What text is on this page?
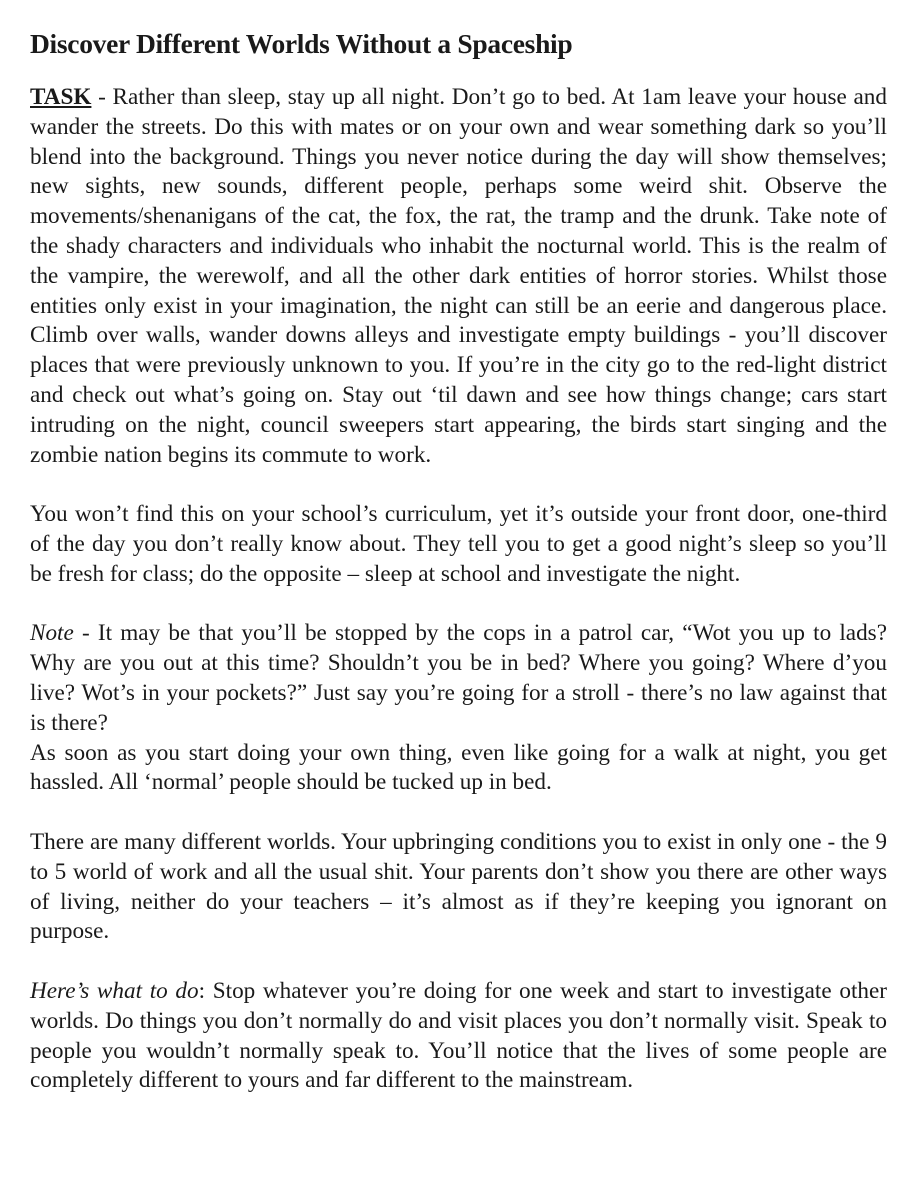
Discover Different Worlds Without a Spaceship

TASK - Rather than sleep, stay up all night. Don’t go to bed. At 1am leave your house and wander the streets. Do this with mates or on your own and wear something dark so you’ll blend into the background. Things you never notice during the day will show themselves; new sights, new sounds, different people, perhaps some weird shit. Observe the movements/shenanigans of the cat, the fox, the rat, the tramp and the drunk. Take note of the shady characters and individuals who inhabit the nocturnal world. This is the realm of the vampire, the werewolf, and all the other dark entities of horror stories. Whilst those entities only exist in your imagination, the night can still be an eerie and dangerous place. Climb over walls, wander downs alleys and investigate empty buildings - you’ll discover places that were previously unknown to you. If you’re in the city go to the red-light district and check out what’s going on. Stay out ‘til dawn and see how things change; cars start intruding on the night, council sweepers start appearing, the birds start singing and the zombie nation begins its commute to work.

You won’t find this on your school’s curriculum, yet it’s outside your front door, one-third of the day you don’t really know about. They tell you to get a good night’s sleep so you’ll be fresh for class; do the opposite – sleep at school and investigate the night.

Note - It may be that you’ll be stopped by the cops in a patrol car, “Wot you up to lads? Why are you out at this time? Shouldn’t you be in bed? Where you going? Where d’you live? Wot’s in your pockets?” Just say you’re going for a stroll - there’s no law against that is there?

As soon as you start doing your own thing, even like going for a walk at night, you get hassled. All ‘normal’ people should be tucked up in bed.

There are many different worlds. Your upbringing conditions you to exist in only one - the 9 to 5 world of work and all the usual shit. Your parents don’t show you there are other ways of living, neither do your teachers – it’s almost as if they’re keeping you ignorant on purpose.

Here’s what to do: Stop whatever you’re doing for one week and start to investigate other worlds. Do things you don’t normally do and visit places you don’t normally visit. Speak to people you wouldn’t normally speak to. You’ll notice that the lives of some people are completely different to yours and far different to the mainstream.
